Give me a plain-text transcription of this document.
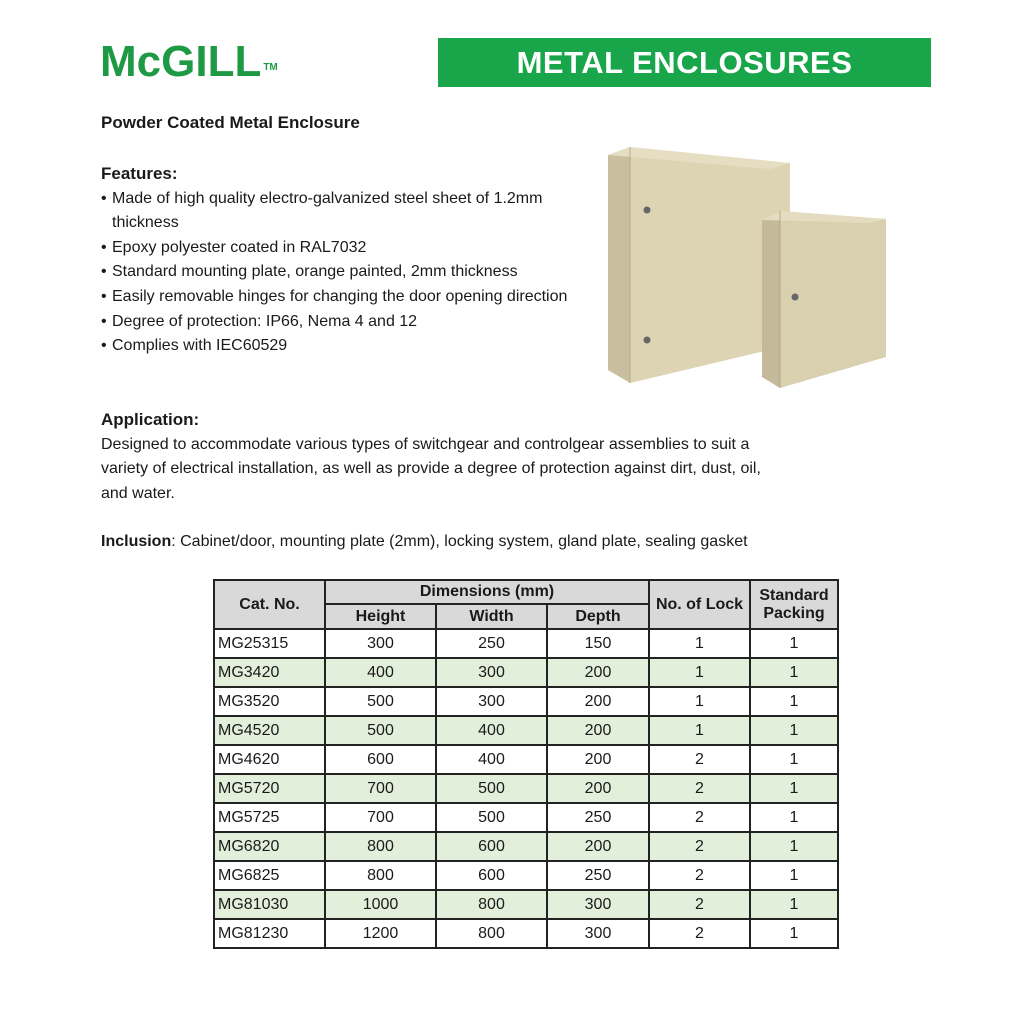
McGILL ™	METAL ENCLOSURES
Powder Coated Metal Enclosure
Features:
• Made of high quality electro-galvanized steel sheet of 1.2mm thickness
• Epoxy polyester coated in RAL7032
• Standard mounting plate, orange painted, 2mm thickness
• Easily removable hinges for changing the door opening direction
• Degree of protection: IP66, Nema 4 and 12
• Complies with IEC60529
Application:
Designed to accommodate various types of switchgear and controlgear assemblies to suit a variety of electrical installation, as well as provide a degree of protection against dirt, dust, oil, and water.
Inclusion: Cabinet/door, mounting plate (2mm), locking system, gland plate, sealing gasket
Cat. No.	Dimensions (mm)			No. of Lock	Standard Packing
	Height	Width	Depth		
MG25315	300	250	150	1	1
MG3420	400	300	200	1	1
MG3520	500	300	200	1	1
MG4520	500	400	200	1	1
MG4620	600	400	200	2	1
MG5720	700	500	200	2	1
MG5725	700	500	250	2	1
MG6820	800	600	200	2	1
MG6825	800	600	250	2	1
MG81030	1000	800	300	2	1
MG81230	1200	800	300	2	1
